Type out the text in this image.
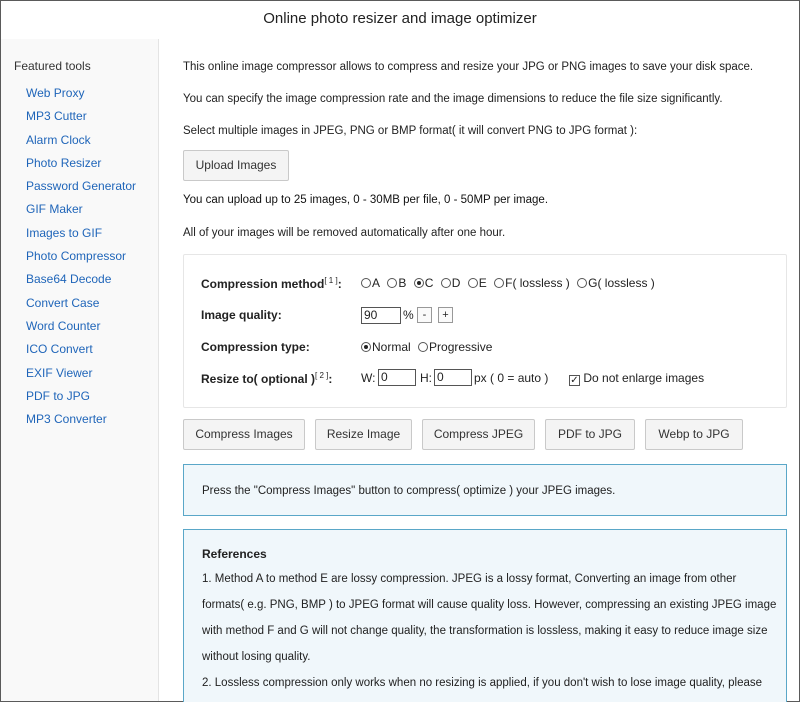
Online photo resizer and image optimizer
Featured tools
Web Proxy
MP3 Cutter
Alarm Clock
Photo Resizer
Password Generator
GIF Maker
Images to GIF
Photo Compressor
Base64 Decode
Convert Case
Word Counter
ICO Convert
EXIF Viewer
PDF to JPG
MP3 Converter
This online image compressor allows to compress and resize your JPG or PNG images to save your disk space.
You can specify the image compression rate and the image dimensions to reduce the file size significantly.
Select multiple images in JPEG, PNG or BMP format( it will convert PNG to JPG format ):
Upload Images
You can upload up to 25 images, 0 - 30MB per file, 0 - 50MP per image.
All of your images will be removed automatically after one hour.
Compression method[ 1 ]:	A B C D E F( lossless ) G( lossless )
Image quality:	90	% -	+
Compression type:	Normal Progressive
Resize to( optional )[ 2 ]: W: 0	H: 0	px ( 0 = auto ) ✓ Do not enlarge images
Compress Images	Resize Image	Compress JPEG	PDF to JPG	Webp to JPG
Press the "Compress Images" button to compress( optimize ) your JPEG images.
References
1. Method A to method E are lossy compression. JPEG is a lossy format, Converting an image from other
formats( e.g. PNG, BMP ) to JPEG format will cause quality loss. However, compressing an existing JPEG image
with method F and G will not change quality, the transformation is lossless, making it easy to reduce image size
without losing quality.
2. Lossless compression only works when no resizing is applied, if you don't wish to lose image quality, please
